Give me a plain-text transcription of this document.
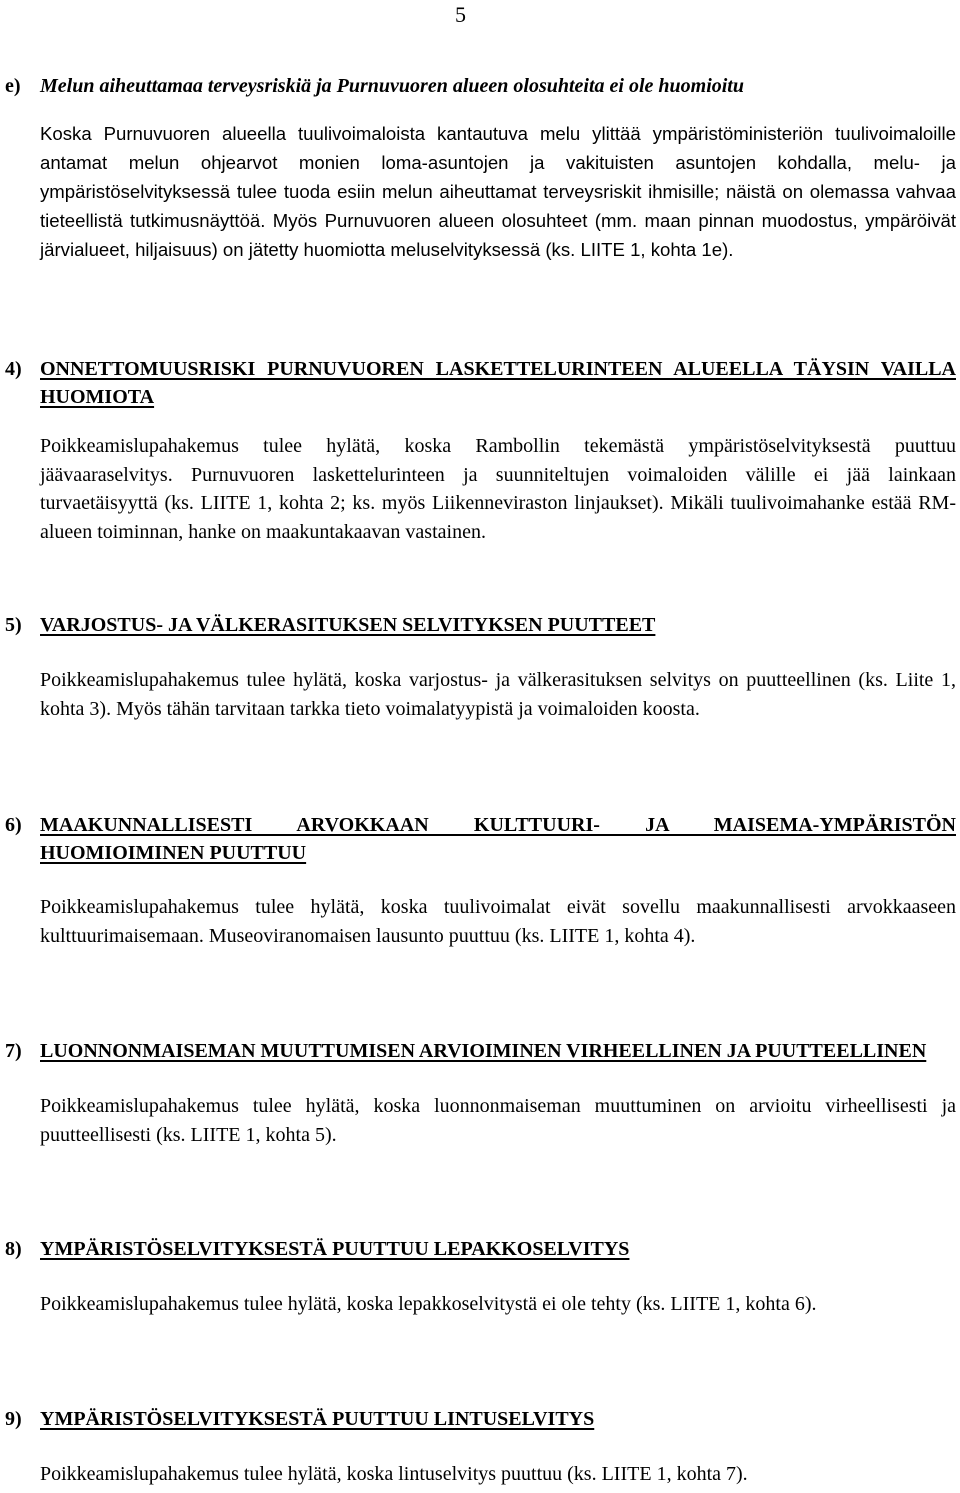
5
e) Melun aiheuttamaa terveysriskiä ja Purnuvuoren alueen olosuhteita ei ole huomioitu

Koska Purnuvuoren alueella tuulivoimaloista kantautuva melu ylittää ympäristöministeriön tuulivoimaloille antamat melun ohjearvot monien loma-asuntojen ja vakituisten asuntojen kohdalla, melu- ja ympäristöselvityksessä tulee tuoda esiin melun aiheuttamat terveysriskit ihmisille; näistä on olemassa vahvaa tieteellistä tutkimusnäyttöä. Myös Purnuvuoren alueen olosuhteet (mm. maan pinnan muodostus, ympäröivät järvialueet, hiljaisuus) on jätetty huomiotta meluselvityksessä (ks. LIITE 1, kohta 1e).

4) ONNETTOMUUSRISKI PURNUVUOREN LASKETTELURINTEEN ALUEELLA TÄYSIN VAILLA HUOMIOTA

Poikkeamislupahakemus tulee hylätä, koska Rambollin tekemästä ympäristöselvityksestä puuttuu jäävaaraselvitys. Purnuvuoren laskettelurinteen ja suunniteltujen voimaloiden välille ei jää lainkaan turvaetäisyyttä (ks. LIITE 1, kohta 2; ks. myös Liikenneviraston linjaukset). Mikäli tuulivoimahanke estää RM-alueen toiminnan, hanke on maakuntakaavan vastainen.

5) VARJOSTUS- JA VÄLKERASITUKSEN SELVITYKSEN PUUTTEET

Poikkeamislupahakemus tulee hylätä, koska varjostus- ja välkerasituksen selvitys on puutteellinen (ks. Liite 1, kohta 3). Myös tähän tarvitaan tarkka tieto voimalatyypistä ja voimaloiden koosta.

6) MAAKUNNALLISESTI ARVOKKAAN KULTTUURI- JA MAISEMA-YMPÄRISTÖN HUOMIOIMINEN PUUTTUU

Poikkeamislupahakemus tulee hylätä, koska tuulivoimalat eivät sovellu maakunnallisesti arvokkaaseen kulttuurimaisemaan. Museoviranomaisen lausunto puuttuu (ks. LIITE 1, kohta 4).

7) LUONNONMAISEMAN MUUTTUMISEN ARVIOIMINEN VIRHEELLINEN JA PUUTTEELLINEN

Poikkeamislupahakemus tulee hylätä, koska luonnonmaiseman muuttuminen on arvioitu virheellisesti ja puutteellisesti (ks. LIITE 1, kohta 5).

8) YMPÄRISTÖSELVITYKSESTÄ PUUTTUU LEPAKKOSELVITYS

Poikkeamislupahakemus tulee hylätä, koska lepakkoselvitystä ei ole tehty (ks. LIITE 1, kohta 6).

9) YMPÄRISTÖSELVITYKSESTÄ PUUTTUU LINTUSELVITYS

Poikkeamislupahakemus tulee hylätä, koska lintuselvitys puuttuu (ks. LIITE 1, kohta 7).
